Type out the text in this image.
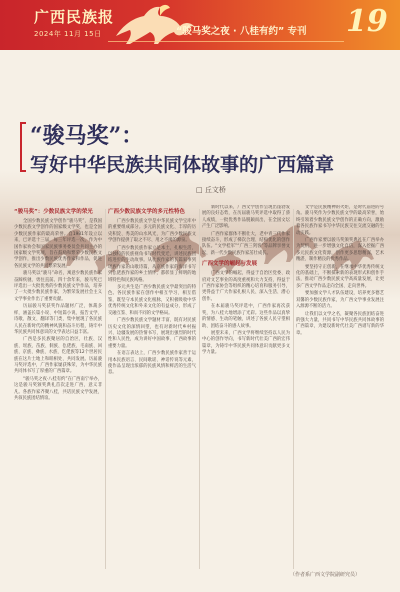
广西民族报
2024年 11月 15日	“骏马奖之夜 · 八桂有约” 专刊 19
“骏马奖”：
写好中华民族共同体故事的广西篇章
□ 丘文桥
“骏马奖”：少数民族文学的荣光

全国少数民族文学创作“骏马奖”，是我国少数民族文学创作的国家级文学奖，也是全国少数民族作家的最高荣誉。自1981年设立以来，已评选十三届，每三年评选一次，作为中国作家协会和国家民族事务委员会共同主办的国家级文学奖项，旨在鼓励和繁荣少数民族文学创作，推出少数民族优秀作家和作品，促进各民族文学的共同繁荣发展。

骏马奖以“骏马”命名，寓意少数民族作家奋蹄疾驰、勇往直前。四十余年来，骏马奖已评选出一大批优秀的少数民族文学作品，培养了一大批少数民族作家，为繁荣发展社会主义文学事业作出了重要贡献。

历届骏马奖获奖作品题材广泛，体裁多样，涵盖长篇小说、中短篇小说、报告文学、诗歌、散文、翻译等门类，集中展现了各民族人民在新时代的精神风貌和奋斗历程，铸牢中华民族共同体意识的文学表达日益丰富。

广西是多民族聚居的自治区，壮族、汉族、瑶族、苗族、侗族、仫佬族、毛南族、回族、京族、彝族、水族、仡佬族等12个世居民族在这片土地上和睦相处、共同发展。历届骏马奖评选中，广西作家屡获殊荣，为中华民族共同体书写了厚重的广西篇章。

“骏马奖之夜·八桂有约”在广西南宁举办，这是骏马奖颁奖典礼首次走进广西，意义非凡。各族作家齐聚八桂，共话民族文学发展，共叙民族团结情谊。

广西少数民族文学的多元性特色

广西少数民族文学是中华民族文学宝库中的重要组成部分。多元的民族文化、丰厚的历史积淀、秀美的山水风光，为广西少数民族文学创作提供了取之不尽、用之不竭的源泉。

广西少数民族作家立足本土，扎根生活，以独特的民族视角书写时代变迁，讲述民族团结进步的生动故事。从壮族作家的长篇叙事到瑶族作家的山歌诗篇，从京族作家的海洋书写到仫佬族作家的乡土情怀，都彰显了鲜明的地域特色和民族风格。

多元共生是广西少数民族文学最突出的特色。各民族作家在创作中相互学习、相互借鉴，既坚守本民族文化根脉，又积极吸收中华优秀传统文化和外来文化的有益成分，形成了交融互鉴、和而不同的文学格局。

广西少数民族文学题材丰富，既有对民族历史文化的深情回望，也有对新时代乡村振兴、边疆发展的热情书写，展现出强烈的时代性和人民性，成为讲好中国故事、广西故事的重要力量。

在语言表达上，广西少数民族作家善于运用本民族语言、民间歌谣、神话传说等元素，使作品呈现出浓郁的民族风情和鲜活的生活气息。

新时代以来，广西文学创作呈现出蓬勃发展的良好态势，在历届骏马奖评选中取得了骄人成绩，一批优秀作品脱颖而出，在全国文坛产生广泛影响。

广西作家群体不断壮大，老中青三代作家接续奋斗，形成了梯次合理、结构优化的创作队伍。“文学桂军”“广西三剑客”等品牌享誉文坛，新一代少数民族作家茁壮成长。

广西文学的崛起与发展

广西文学的崛起，得益于自治区党委、政府对文艺事业的高度重视和大力支持，得益于广西作家协会等组织的精心培育和服务引导，更得益于广大作家扎根人民、深入生活、潜心创作。

在本届骏马奖评选中，广西作家再次获奖，为八桂大地增添了光彩。这些作品以真挚的情感、生动的笔触，讲述了各族人民守望相助、团结奋斗的感人故事。

展望未来，广西文学将继续坚持以人民为中心的创作导向，书写新时代壮美广西的宏伟篇章，为铸牢中华民族共同体意识贡献更多文学力量。

文学是民族精神的火炬，是时代前进的号角。骏马奖作为少数民族文学的最高荣誉，始终引领着少数民族文学创作的正确方向，激励着各民族作家书写中华民族交往交流交融的生动实践。

广西作家要以骏马奖颁奖典礼在广西举办为契机，进一步增强文化自信，深入挖掘广西多元民族文化资源，创作更多思想精深、艺术精湛、制作精良的优秀作品。

要坚持守正创新，在继承中华优秀传统文化的基础上，不断探索新的表现形式和创作手法，推动广西少数民族文学高质量发展，让更多广西文学作品走向全国、走向世界。

要加强文学人才队伍建设，培养更多德艺双馨的少数民族作家，为广西文学事业发展注入源源不断的活力。

让我们以文学之名，凝聚各民族团结奋进的强大力量，共同书写中华民族共同体故事的广西篇章，为建设新时代壮美广西谱写新的华章。

（作者系广西文学院副研究员）
